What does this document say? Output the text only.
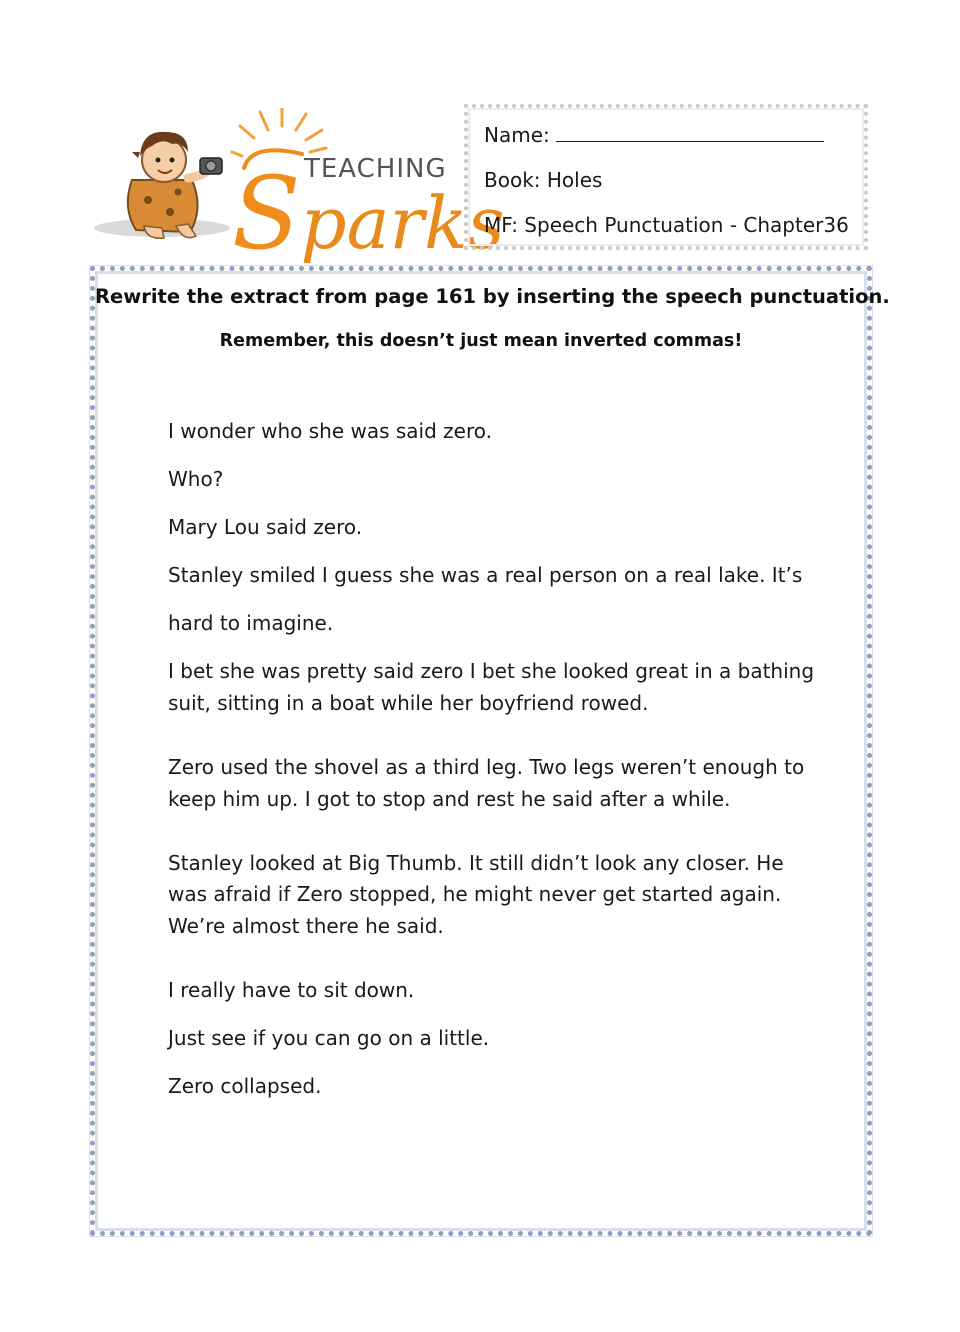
TEACHING
Sparks
Name:
Book: Holes
MF: Speech Punctuation - Chapter36
Rewrite the extract from page 161 by inserting the speech punctuation.
Remember, this doesn’t just mean inverted commas!
I wonder who she was said zero.
Who?
Mary Lou said zero.
Stanley smiled I guess she was a real person on a real lake. It’s
hard to imagine.
I bet she was pretty said zero I bet she looked great in a bathing
suit, sitting in a boat while her boyfriend rowed.
Zero used the shovel as a third leg. Two legs weren’t enough to
keep him up. I got to stop and rest he said after a while.
Stanley looked at Big Thumb. It still didn’t look any closer. He
was afraid if Zero stopped, he might never get started again.
We’re almost there he said.
I really have to sit down.
Just see if you can go on a little.
Zero collapsed.
